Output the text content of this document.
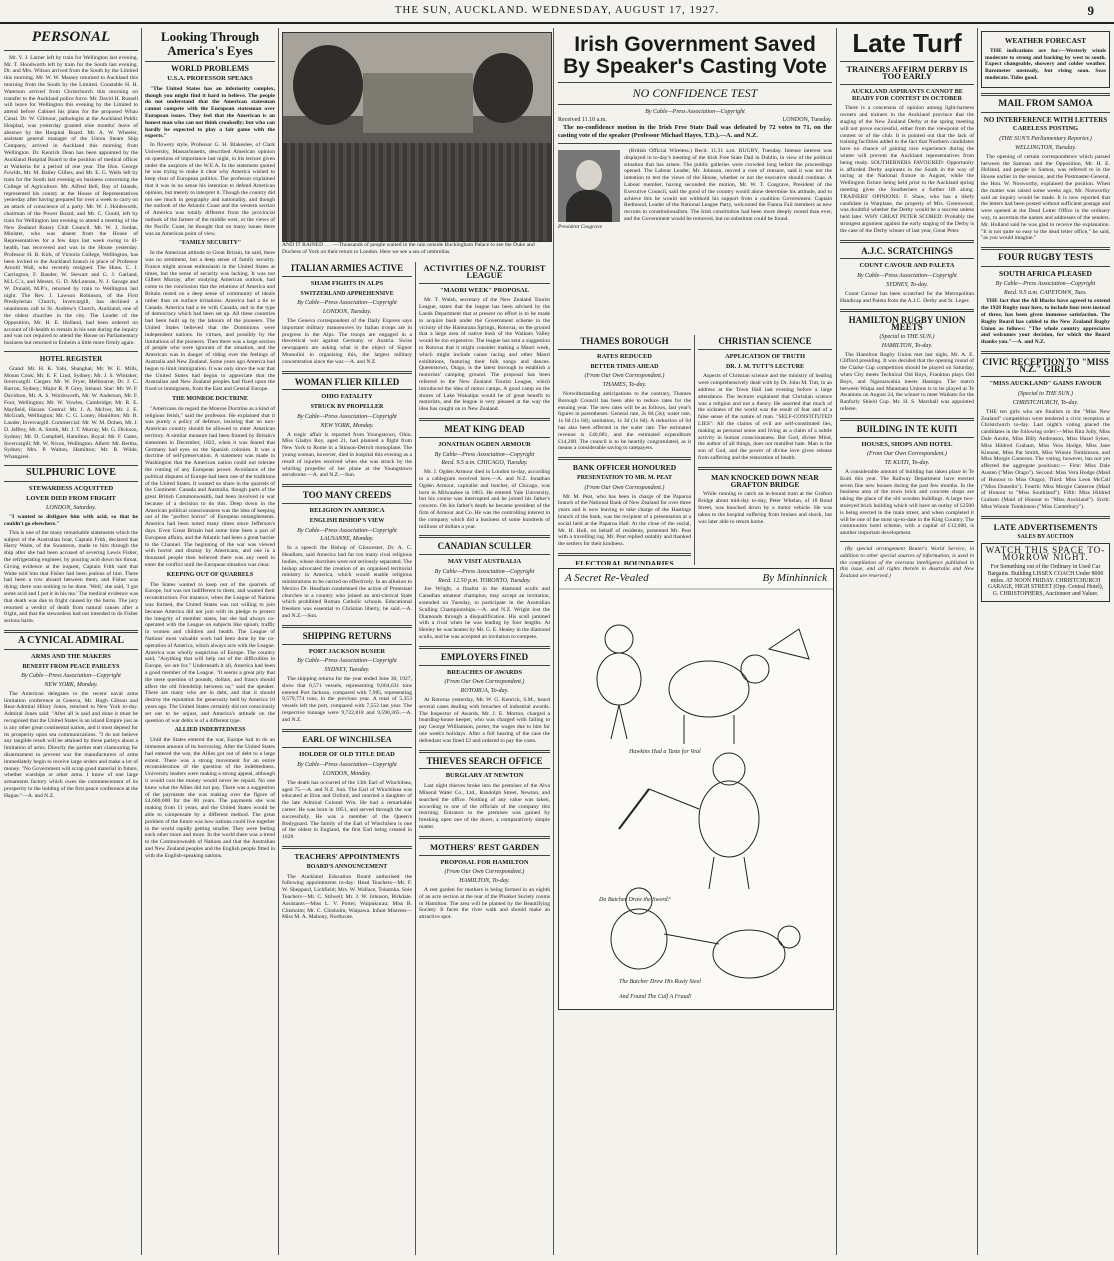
THE SUN, AUCKLAND. WEDNESDAY, AUGUST 17, 1927.	9
PERSONAL

Mr. V. J. Larner left by train for Wellington last evening. Mr. T. Hoodworth left by train for the South last evening. Dr. and Mrs. Wilson arrived from the South by the Limited this morning. Mr. W. W. Massey returned to Auckland this morning from the South by the Limited. Constable H. H. Waterson arrived from Christchurch this morning on transfer to the Auckland police force. Mr. David H. Russell will leave for Wellington this evening by the Limited to attend before Cabinet his plans for the proposed Whau Canal. Dr. W. Gilmour, pathologist at the Auckland Public Hospital, was yesterday granted nine months' leave of absence by the Hospital Board. Mr. A. W. Wheeler, assistant general manager of the Union Steam Ship Company, arrived in Auckland this morning from Wellington. Dr. Kenrick Dean has been appointed by the Auckland Hospital Board to the position of medical officer at Waikeria for a period of one year. The Hon. George Fowlds, Mr. M. Bailey Gillies, and Mr. E. G. Wells left by train for the South last evening on business concerning the College of Agriculture. Mr. Alfred Bell, Bay of Islands, represented his county at the House of Representatives yesterday after having prepared for over a week to carry on an attack of conscience of a party. Mr. W. J. Holdsworth, chairman of the Power Board, and Mr. C. Gould, left by train for Wellington last evening to attend a meeting of the New Zealand Rotary Club Council. Mr. W. J. Jordan, Minister, who was absent from the House of Representatives for a few days last week owing to ill-health, has recovered and was in the House yesterday. Professor H. B. Kirk, of Victoria College, Wellington, has been invited to the Auckland branch in place of Professor Arnold Wall, who recently resigned. The Hons. C. J. Carrington, F. Bander, W. Stewart and G. J. Garland, M.L.C.'s, and Messrs. G. D. McLennan, N. J. Savage and W. Donald, M.P.'s, returned by train to Wellington last night. The Rev. J. Lawson Robinson, of the First Presbyterian Church, Invercargill, has declined a unanimous call to St. Andrew's Church, Auckland, one of the oldest churches in the city. The Leader of the Opposition, Mr. H. E. Holland, had been ordered on account of ill-health to remain in his seat during the inquiry and was not required to attend the House on Parliamentary business but returned to Enheim a little more firmly again.

HOTEL REGISTER

Grand: Mr. H. K. Yahi, Shanghai; Mr. W. E. Mills, Mount Cook; Mr. E. F. Lind, Sydney; Mr. J. S. Whitaker, Invercargill. Cargen: Mr. W. Fryer, Melbourne; Dr. J. C. Barron, Sydney; Major R. P. Grey, Ireland. Star: Mr. W. F. Davidson, Mr. A. S. Wordsworth, Mr. W. Anderson, Mr. F. Foot, Wellington; Mr. W. Vowles, Cambridge; Mr. R. E. Mayfield, Harare. Central: Mr. J. A. McIver, Mr. J. E. McGrath, Wellington; Mr. C. G. Loney, Hamilton; Mr. R. Lauder, Invercargill. Commercial: Mr. W. M. Dohen, Mr. J. D. Jaffrey, Mr. A. Smith, Mr. J. T. Murray, Mr. G. Dickson, Sydney; Mr. D. Campbell, Hamilton. Royal: Mr. F. Gates, Invercargill; Mr. W. Nixon, Wellington. Albert: Mr. Bertha, Sydney; Mrs. P. Walton, Hamilton; Mr. B. Wilde, Whangarei.

SULPHURIC LOVE
STEWARDESS ACQUITTED
LOVER DIED FROM FRIGHT
LONDON, Saturday.

"I wanted to disfigure him with acid, so that he couldn't go elsewhere."

This is one of the many remarkable statements which the subject of the Australian boat, Captain Frith, declared that Harry Waite, of the Swanston, made to him through the ship after she had been accused of severing Lewis Fisher, the refrigerating engineer, by pouring acid down his throat. Giving evidence at the inquest, Captain Frith said that Waite told him that Fisher had been jealous of him. There had been a row aboard between them, and Fisher was dying; there was nothing to be done. 'Well,' she said, 'I got some acid and I put it in his tea.' The medical evidence was that death was due to fright caused by the burns. The jury returned a verdict of death from natural causes after a fright, and that the stewardess had not intended to do Fisher serious harm.

A CYNICAL ADMIRAL
ARMS AND THE MAKERS
BENEFIT FROM PEACE PARLEYS
By Cable—Press Association—Copyright
NEW YORK, Monday.

The American delegates to the recent naval arms limitation conference at Geneva, Mr. Hugh Gibson and Rear-Admiral Hilary Jones, returned to New York to-day. Admiral Jones said: "After all is said and done it must be recognised that the United States is an island Empire just as is any other great continental nation, and it must depend for its prosperity upon sea communications. "I do not believe any tangible result will be attained by these parleys about a limitation of arms. Directly the parties start clamouring for disarmament to prevent war the manufacturers of arms immediately begin to receive large orders and make a lot of money. "No Government will scrap good material in future, whether warships or other arms. I know of one large armaments factory which owes the commencement of its prosperity to the holding of the first peace conference at the Hague."—A. and N.Z.

Looking Through America's Eyes
WORLD PROBLEMS
U.S.A. PROFESSOR SPEAKS

"The United States has an inferiority complex, though you might find it hard to believe. The people do not understand that the American statesman cannot compete with the European statesman over European issues. They feel that the American is an honest man who can not think crookedly; but who can hardly be expected to play a fair game with the experts."

In flowery style, Professor G. H. Blakeslee, of Clark University, Massachusetts, described American opinion on questions of importance last night, in his lecture given under the auspices of the W.E.A. In the statement quoted he was trying to make it clear why America wished to keep clear of European politics. The professor explained that it was in no sense his intention to defend American opinion, but merely to interpret it. Though the country did not see much in geography and nationality, and though the outlook of the Atlantic Coast and the western section of America was totally different from the provincial outlook of the farmer of the middle west, or the views of the Pacific Coast, he thought that on many issues there was an American point of view.

"FAMILY SECURITY"

In the American attitude to Great Britain, he said, there was no sentiment, but a deep sense of family security. France might arouse enthusiasm in the United States at times, but the sense of security was lacking. It was not Gilbert Murray, after studying American outlook, had come to the conclusion that the relations of America and Britain rested on a deep sense of community of ideals rather than on surface irritations. America had a tie to Canada. America had a tie with Canada, and in the type of democracy which had been set up. All these countries had been built up by the labours of the pioneers. The United States believed that the Dominions were independent nations. Its virtues, and possibly by the limitations of the pioneers. Then there was a large section of people who were ignorant of the situation, and the American was in danger of riding over the feelings of Australia and New Zealand. Some years ago America had begun to limit immigration. It was only since the war that the United States had begun to appreciate that the Australian and New Zealand peoples had fixed upon the fixed or immigrants, from the East and Central Europe.

THE MONROE DOCTRINE

"Americans do regard the Monroe Doctrine as a kind of religious fetish," said the professor. He explained that it was purely a policy of defence, insisting that no non-American country should be allowed to enter American territory. A similar measure had been framed by Britain's statesmen in December, 1823, when it was feared that Germany had eyes on the Spanish colonies. It was a doctrine of self-preservation. A statement was made in Washington that the American nation could not tolerate the coming of any European power. Avoidance of the political disputes of Europe had been one of the traditions of the United States. It wanted no share in the quarrels of the Continent. Canada and Australia, though parts of the great British Commonwealth, had been involved in war because of a decision to do this. Deep down in the American political consciousness was the idea of keeping out of the "perfect horror" of European entanglements. America had been noted many times since Jefferson's days. Even Great Britain had some time been a part of European affairs, and the Atlantic had been a great barrier to the Channel. The beginning of the war was viewed with horror and dismay by Americans, and one in a thousand people then believed there was any need to enter the conflict until the European situation was clear.

KEEPING OUT OF QUARRELS

The States wanted to keep out of the quarrels of Europe, but was not indifferent to them, and wanted their reconstruction. For instance, when the League of Nations was formed, the United States was not willing to join because America did not join with its pledge to protect the integrity of member states, but she had always co-operated with the League on subjects like opium, traffic in women and children and health. The League of Nations' most valuable work had been done by the co-operation of America, which always acts with the League. America was wholly suspicious of Europe. The country said, "Anything that will help out of the difficulties in Europe, we are for." Underneath it all, America had been a good member of the League. "It seems a great pity that the mere question of pounds, dollars, and francs should affect the old friendship between us," said the speaker. There are many who are in debt, and that it should destroy the reputation for generosity held by America 10 years ago. The United States certainly did not consciously set out to be unjust, and America's attitude on the question of war debts is of a different type.

ALLIED INDEBTEDNESS

Until the States entered the war, Europe had to do an immense amount of its borrowing. After the United States had entered the war, the Allies got out of debt to a large extent. There was a strong movement for an entire reconsideration of the question of the indebtedness. University leaders were making a strong appeal, although it would cost the money would never be repaid. No one knew what the Allies did not pay. There was a suggestion of the payments she was making over the figure of £4,600,000 for the 60 years. The payments she was making from 11 years, and the United States would be able to compensate by a different method. The great problem of the future was how nations could live together in the world rapidly getting smaller. They were feeling each other more and more. In the world there was a trend to the Commonwealth of Nations and that the Australian and New Zealand peoples and the English people fitted in with the English-speaking nations.

AND IT RAINED . . . —Thousands of people waited in the rain outside Buckingham Palace to see the Duke and Duchess of York on their return to London. Here we see a sea of umbrellas.
ITALIAN ARMIES ACTIVE
SHAM FIGHTS IN ALPS
SWITZERLAND APPREHENSIVE
By Cable—Press Association—Copyright
LONDON, Tuesday.

The Geneva correspondent of the Daily Express says important military manoeuvres by Italian troops are in progress in the Alps. The troops are engaged in a theoretical war against Germany or Austria. Swiss newspapers are asking what is the object of Signor Mussolini in organising this, the largest military concentration since the war.—A. and N.Z.

WOMAN FLIER KILLED
OHIO FATALITY
STRUCK BY PROPELLER
By Cable—Press Association—Copyright
NEW YORK, Monday.

A tragic affair is reported from Youngstown, Ohio. Miss Gladys Roy, aged 21, had planned a flight from New York to Rome in a Stinson-Detroit monoplane. The young woman, however, died in hospital this evening as a result of injuries received when she was struck by the whirling propeller of her plane at the Youngstown aerodrome.—A. and N.Z.—Sun.

TOO MANY CREEDS
RELIGION IN AMERICA
ENGLISH BISHOP'S VIEW
By Cable—Press Association—Copyright
LAUSANNE, Monday.

In a speech the Bishop of Gloucester, Dr. A. C. Headlam, said America had far too many rival religious bodies, whose doctrines were not seriously separated. The bishop advocated the creation of an organised territorial ministry in America, which would enable religious ministrations to be carried on effectively. In an allusion to Mexico Dr. Headlam condemned the action of Protestant churches in a country who joined an anti-clerical State which prohibited Roman Catholic schools. Educational freedom was essential to Christian liberty, he said.—A. and N.Z.—Sun.

SHIPPING RETURNS
PORT JACKSON BUSIER
By Cable—Press Association—Copyright
SYDNEY, Tuesday.

The shipping returns for the year ended June 30, 1927, show that 8,571 vessels, representing 9,664,631 tons entered Port Jackson, compared with 7,985, representing 9,579,774 tons, in the previous year. A total of 5,353 vessels left the port, compared with 7,552 last year. The respective tonnage were 9,722,818 and 9,590,365.—A. and N.Z.

EARL OF WINCHILSEA
HOLDER OF OLD TITLE DEAD
By Cable—Press Association—Copyright
LONDON, Monday.

The death has occurred of the 13th Earl of Winchilsea, aged 75.—A. and N.Z. Sun. The Earl of Winchilsea was educated at Eton and Oxford, and married a daughter of the late Admiral Colonel Wm. He had a remarkable career. He was born in 1851, and served through the war successfully. He was a member of the Queen's Bodyguard. The family of the Earl of Winchilsea is one of the oldest in England, the first Earl being created in 1628.

TEACHERS' APPOINTMENTS
BOARD'S ANNOUNCEMENT

The Auckland Education Board authorised the following appointments to-day: Head Teachers—Mr. F. W. Sheppard, Lichfield; Mrs. W. Wallace, Tokatoka. Sole Teachers—Mr. C. Stilwell; Mr. J. W. Johnson, Birkdale. Assistants—Miss L. V. Porter, Waipukurau; Miss B. Chisholm; Mr. C. Chisholm, Waipawa. Infant Mistress—Miss M. A. Mahony, Northcote.

ACTIVITIES OF N.Z. TOURIST LEAGUE
"MAORI WEEK" PROPOSAL

Mr. T. Walsh, secretary of the New Zealand Tourist League, states that the league has been advised by the Lands Department that at present no effort is to be made to acquire bush under the Government scheme in the vicinity of the Hamurana Springs, Rotorua, on the ground that a large area of native bush of the Waikato Valley would be too expensive. The league has sent a suggestion to Rotorua that it might consider making a Maori week, which might include canoe racing and other Maori exhibitions, featuring their folk songs and dances. Queenstown, Otago, is the latest borough to establish a motorists' camping ground. The proposal has been referred to the New Zealand Tourist League, which introduced the idea of motor camps. A good camp on the shores of Lake Wakatipu would be of great benefit to motorists, and the league is very pleased at the way the idea has caught on in New Zealand.

MEAT KING DEAD
JONATHAN OGDEN ARMOUR
By Cable—Press Association—Copyright
Recd. 9.5 a.m. CHICAGO, Tuesday.

Mr. J. Ogden Armour died in London to-day, according to a cablegram received here.—A. and N.Z. Jonathan Ogden Armour, capitalist and butcher, of Chicago, was born in Milwaukee in 1863. He entered Yale University, but his course was interrupted and he joined his father's concern. On his father's death he became president of the firm of Armour and Co. He was the controlling interest in the company which did a business of some hundreds of millions of dollars a year.

CANADIAN SCULLER
MAY VISIT AUSTRALIA
By Cable—Press Association—Copyright
Recd. 12.50 p.m. TORONTO, Tuesday.

Joe Wright, a finalist in the diamond sculls and Canadian amateur champion, may accept an invitation, extended on Tuesday, to participate in the Australian Sculling Championships.—A. and N.Z. Wright lost the Diamonds through a disqualification. His scull jammed with a rival when he was leading by four lengths. At Henley he was beaten by Mr. G. E. Healey in the diamond sculls, and he was accepted an invitation to compete.

EMPLOYERS FINED
BREACHES OF AWARDS
(From Our Own Correspondent.)
ROTORUA, To-day.

At Rotorua yesterday, Mr. W. G. Kenrick, S.M., heard several cases dealing with breaches of industrial awards. The Inspector of Awards, Mr. J. E. Morton, charged a boarding-house keeper, who was charged with failing to pay George Williamson, porter, the wages due to him for one week's holidays. After a full hearing of the case the defendant was fined £2 and ordered to pay the costs.

THIEVES SEARCH OFFICE
BURGLARY AT NEWTON

Last night thieves broke into the premises of the Alva Mineral Water Co., Ltd., Randolph Street, Newton, and searched the office. Nothing of any value was taken, according to one of the officials of the company this morning. Entrance to the premises was gained by breaking open one of the doors, a comparatively simple matter.

MOTHERS' REST GARDEN
PROPOSAL FOR HAMILTON
(From Our Own Correspondent.)
HAMILTON, To-day.

A rest garden for mothers is being formed in an eighth of an acre section at the rear of the Plunket Society rooms in Hamilton. The area will be planted by the Beautifying Society. It faces the river walk and should make an attractive spot.

Irish Government Saved By Speaker's Casting Vote
NO CONFIDENCE TEST
By Cable—Press Association—Copyright
Received 11.10 a.m.	LONDON, Tuesday.

The no-confidence motion in the Irish Free State Dail was defeated by 72 votes to 71, on the casting vote of the speaker (Professor Michael Hayes, T.D.).—A. and N.Z.

President Cosgrave

(British Official Wireless.) Recd. 11.31 a.m. RUGBY, Tuesday. Intense interest was displayed in to-day's meeting of the Irish Free State Dail in Dublin, in view of the political situation that has arisen. The public galleries were crowded long before the proceedings opened. The Labour Leader, Mr. Johnson, moved a vote of censure, said it was not the intention to test the views of the House, whether or not the executive should continue. A Labour member, having seconded the motion, Mr. W. T. Cosgrave, President of the Executive Council, said the good of the country would alone determine his attitude, and to achieve this he would not withhold his support from a coalition Government. Captain Redmond, Leader of the National League Party, welcomed the Fianna Fail members as new recruits to constitutionalism. The Irish constitution had been more deeply rooted than ever, and the Government would be removed, but no substitute could be found.

THAMES BOROUGH
RATES REDUCED
BETTER TIMES AHEAD
(From Our Own Correspondent.)
THAMES, To-day.

Notwithstanding anticipations to the contrary, Thames Borough Council has been able to reduce rates for the ensuing year. The new rates will be as follows, last year's figures in parentheses: General rate, 2s 8d (3s); water rate, 1s 6d (1s 6d); sanitation, 1s 3d (1s 6d). A reduction of 6d has also been effected in the water rate. The estimated revenue is £40,681, and the estimated expenditure £14,200. The council is to be heartily congratulated, as it means a considerable saving to ratepayers.

BANK OFFICER HONOURED
PRESENTATION TO MR. M. PEAT
(From Our Own Correspondent.)

Mr. M. Peat, who has been in charge of the Paparoa branch of the National Bank of New Zealand for over three years and is now leaving to take charge of the Hastings branch of the bank, was the recipient of a presentation at a social held at the Paparoa Hall. At the close of the social, Mr. H. Hull, on behalf of residents, presented Mr. Peat with a travelling rug. Mr. Peat replied suitably and thanked the settlers for their kindness.

ELECTORAL BOUNDARIES

CHRISTIAN SCIENCE
APPLICATION OF TRUTH
DR. J. M. TUTT'S LECTURE

Aspects of Christian science and the ministry of healing were comprehensively dealt with by Dr. John M. Tutt, in an address at the Town Hall last evening before a large attendance. The lecturer explained that Christian science was a religion and not a theory. He asserted that much of the sickness of the world was the result of fear and of a false sense of the nature of man. "SELF-CONSTITUTED LIES": All the claims of evil are self-constituted lies, making as personal sense and living as a claim of a subtle activity in human consciousness. But God, divine Mind, the author of all things, does not manifest hate. Man is the son of God, and the power of divine love gives release from suffering and the restoration of health.

MAN KNOCKED DOWN NEAR GRAFTON BRIDGE

While running to catch an in-bound tram at the Grafton Bridge about mid-day to-day, Peter Whelan, of 18 Bond Street, was knocked down by a motor vehicle. He was taken to the hospital suffering from bruises and shock, but was later able to return home.

A Secret Re-Vealed	By Minhinnick
Hawkins Had a Taste for Veal
Do Butcher Draw the Sword?
The Butcher Drew His Rusty Steel
And Found The Calf A Fraud!
Late Turf
TRAINERS AFFIRM DERBY IS TOO EARLY
AUCKLAND ASPIRANTS CANNOT BE READY FOR CONTEST IN OCTOBER

There is a concensus of opinion among light-harness owners and trainers in the Auckland province that the staging of the New Zealand Derby at the spring meeting will not prove successful, either from the viewpoint of the contest or of the club. It is pointed out that the lack of training facilities added to the fact that Northern candidates have no chance of gaining race experience during the winter will prevent the Auckland representatives from being ready. SOUTHERNERS FAVOURED: Opportunity is afforded Derby aspirants in the South in the way of racing at the National fixture in August, while the Wellington fixture being held prior to the Auckland spring meeting gives the Southerners a further lift along. TRAINERS' OPINIONS: F. Shaw, who has a likely candidate in Warplane, the property of Mrs. Greenwood, was doubtful whether the Derby would be a success unless held later. WHY GREAT PETER SCORED: Probably the strongest argument against the early staging of the Derby is the case of the Derby winner of last year, Great Peter.

A.J.C. SCRATCHINGS
COUNT CAVOUR AND PALETA
By Cable—Press Association—Copyright
SYDNEY, To-day.

Count Cavour has been scratched for the Metropolitan Handicap and Paleta from the A.J.C. Derby and St. Leger.

HAMILTON RUGBY UNION MEETS
(Special to THE SUN.)
HAMILTON, To-day.

The Hamilton Rugby Union met last night, Mr. A. E. Clifford presiding. It was decided that the opening round of the Clarke Cup competition should be played on Saturday, when City meets Technical Old Boys, Frankton plays Old Boys, and Ngaruawahia meets Hautapu. The match between Waipa and Matamata Unions is to be played at Te Awamutu on August 24, the winner to meet Waikato for the Ranfurly Shield Cup. Mr. H. S. Marshall was appointed referee.

BUILDING IN TE KUITI
HOUSES, SHOPS AND HOTEL
(From Our Own Correspondent.)
TE KUITI, To-day.

A considerable amount of building has taken place in Te Kuiti this year. The Railway Department have erected seven fine new houses during the past few months. In the business area of the town brick and concrete shops are taking the place of the old wooden buildings. A large two-storeyed brick building which will have an outlay of £2500 is being erected in the main street, and when completed it will be one of the most up-to-date in the King Country. The communists hotel scheme, with a capital of £12,000, is another important development.

(By special arrangement Reuter's World Service, in addition to other special sources of information, is used in the compilation of the overseas intelligence published in this issue, and all rights therein in Australia and New Zealand are reserved.)

WEATHER FORECAST

THE indications are for:—Westerly winds moderate to strong and backing by west to south. Expect changeable, showery and colder weather. Barometer unsteady, but rising soon. Seas moderate. Tides good.

MAIL FROM SAMOA
NO INTERFERENCE WITH LETTERS
CARELESS POSTING
(THE SUN'S Parliamentary Reporter.)
WELLINGTON, Tuesday.

The opening of certain correspondence which passed between the Samoan and the Opposition, Mr. H. E. Holland, and people in Samoa, was referred to in the House earlier in the session, and the Postmaster-General, the Hon. W. Nosworthy, explained the position. When the matter was raised some weeks ago, Mr. Nosworthy said an inquiry would be made. It is now reported that the letters had been posted without sufficient postage and were opened at the Dead Letter Office in the ordinary way, to ascertain the names and addresses of the senders. Mr. Holland said he was glad to receive the explanation. "It is not quite so easy to the dead letter office," he said, "as you would imagine."

FOUR RUGBY TESTS
SOUTH AFRICA PLEASED
By Cable—Press Association—Copyright
Recd. 9.5 a.m. CAPETOWN, Tues.

THE fact that the All Blacks have agreed to extend the 1928 Rugby tour here, to include four tests instead of three, has been given immense satisfaction. The Rugby Board has cabled to the New Zealand Rugby Union as follows: "The whole country appreciates and welcomes your decision, for which the Board thanks you."—A. and N.Z.

CIVIC RECEPTION TO "MISS N.Z." GIRLS
"MISS AUCKLAND" GAINS FAVOUR
(Special to THE SUN.)
CHRISTCHURCH, To-day.

THE ten girls who are finalists in the "Miss New Zealand" competition were tendered a civic reception at Christchurch to-day. Last night's voting placed the candidates in the following order:—Miss Rita Jolly, Miss Dale Austin, Miss Billy Andreason, Miss Hazel Sykes, Miss Hildred Graham, Miss Vera Hodge, Miss Jane Kinnear, Miss Pat Smith, Miss Winnie Tomkinson, and Miss Morgie Cameron. The voting, however, has not yet affected the aggregate positions:— First: Miss Dale Austen ("Miss Otago"). Second: Miss Vera Hodge (Maid of Honour to Miss Otago). Third: Miss Leon McCall ("Miss Dunedin"). Fourth: Miss Morgie Cameron (Maid of Honour to "Miss Southland"). Fifth: Miss Hildred Graham (Maid of Honour to "Miss Auckland"). Sixth: Miss Winnie Tomkinson ("Miss Canterbury").

LATE ADVERTISEMENTS
SALES BY AUCTION
WATCH THIS SPACE TO-MORROW NIGHT.
For Something out of the Ordinary in Used Car Bargains. Building LISSEX COACH Under 8000 miles. AT NOON FRIDAY. CHRISTCHURCH GARAGE, HIGH STREET (Opp. Central Hotel), G. CHRISTOPHERS, Auctioneer and Valuer.
